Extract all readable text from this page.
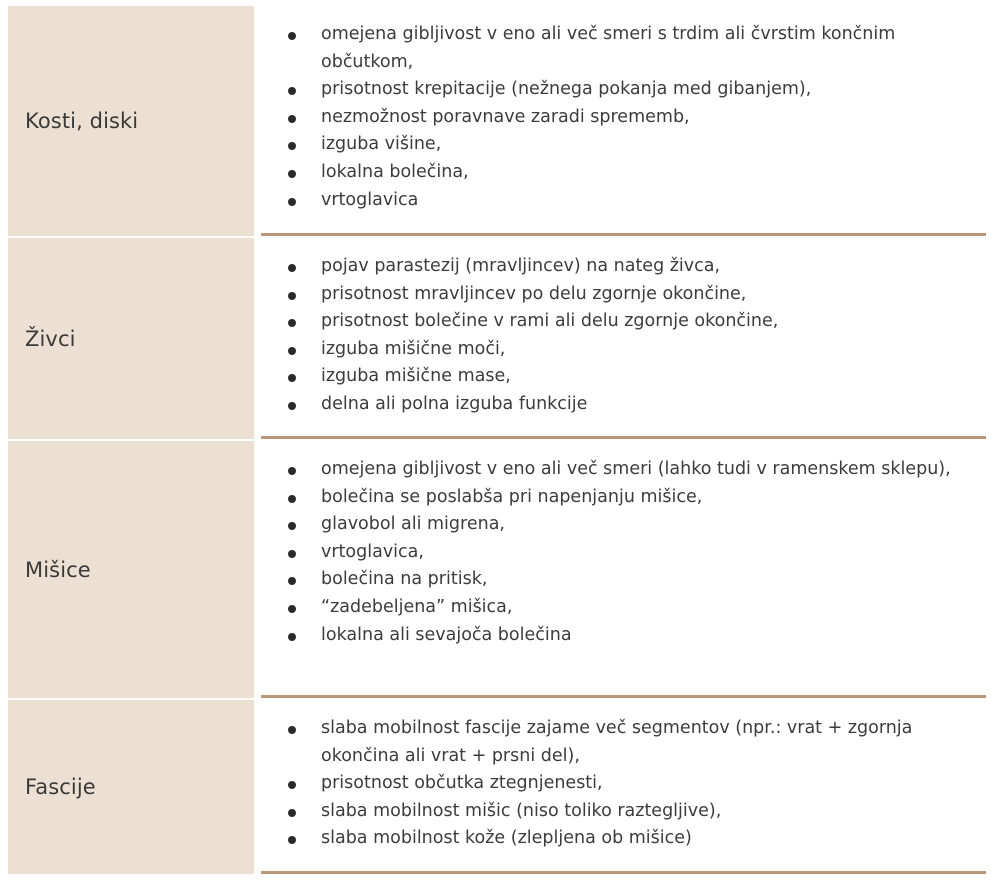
Kosti, diski
omejena gibljivost v eno ali več smeri s trdim ali čvrstim končnim občutkom,
prisotnost krepitacije (nežnega pokanja med gibanjem),
nezmožnost poravnave zaradi sprememb,
izguba višine,
lokalna bolečina,
vrtoglavica
Živci
pojav parastezij (mravljincev) na nateg živca,
prisotnost mravljincev po delu zgornje okončine,
prisotnost bolečine v rami ali delu zgornje okončine,
izguba mišične moči,
izguba mišične mase,
delna ali polna izguba funkcije
Mišice
omejena gibljivost v eno ali več smeri (lahko tudi v ramenskem sklepu),
bolečina se poslabša pri napenjanju mišice,
glavobol ali migrena,
vrtoglavica,
bolečina na pritisk,
“zadebeljena” mišica,
lokalna ali sevajoča bolečina
Fascije
slaba mobilnost fascije zajame več segmentov (npr.: vrat + zgornja okončina ali vrat + prsni del),
prisotnost občutka ztegnjenesti,
slaba mobilnost mišic (niso toliko raztegljive),
slaba mobilnost kože (zlepljena ob mišice)
